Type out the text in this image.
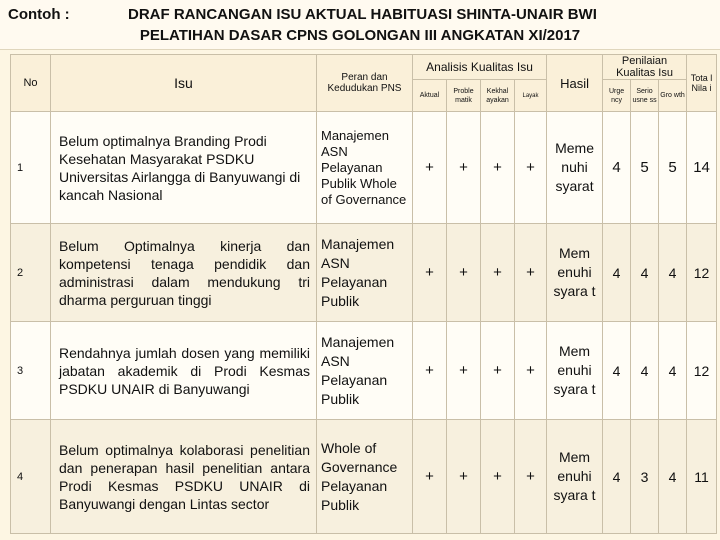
Contoh :	DRAF RANCANGAN ISU AKTUAL HABITUASI SHINTA-UNAIR BWI
PELATIHAN DASAR CPNS GOLONGAN III ANGKATAN XI/2017
No	Isu	Peran dan Kedudukan PNS	Analisis Kualitas Isu				Hasil	Penilaian Kualitas Isu			Tota l Nila i
			Aktual	Proble matik	Kekhal ayakan	Layak		Urge ncy	Serio usne ss	Gro wth	
1	Belum optimalnya Branding Prodi Kesehatan Masyarakat PSDKU Universitas Airlangga di Banyuwangi di kancah Nasional	Manajemen ASN Pelayanan Publik Whole of Governance	+	+	+	+	Meme nuhi syarat	4	5	5	14
2	Belum Optimalnya kinerja dan kompetensi tenaga pendidik dan administrasi dalam mendukung tri dharma perguruan tinggi	Manajemen ASN Pelayanan Publik	+	+	+	+	Mem enuhi syara t	4	4	4	12
3	Rendahnya jumlah dosen yang memiliki jabatan akademik di Prodi Kesmas PSDKU UNAIR di Banyuwangi	Manajemen ASN Pelayanan Publik	+	+	+	+	Mem enuhi syara t	4	4	4	12
4	Belum optimalnya kolaborasi penelitian dan penerapan hasil penelitian antara Prodi Kesmas PSDKU UNAIR di Banyuwangi dengan Lintas sector	Whole of Governance Pelayanan Publik	+	+	+	+	Mem enuhi syara t	4	3	4	11
